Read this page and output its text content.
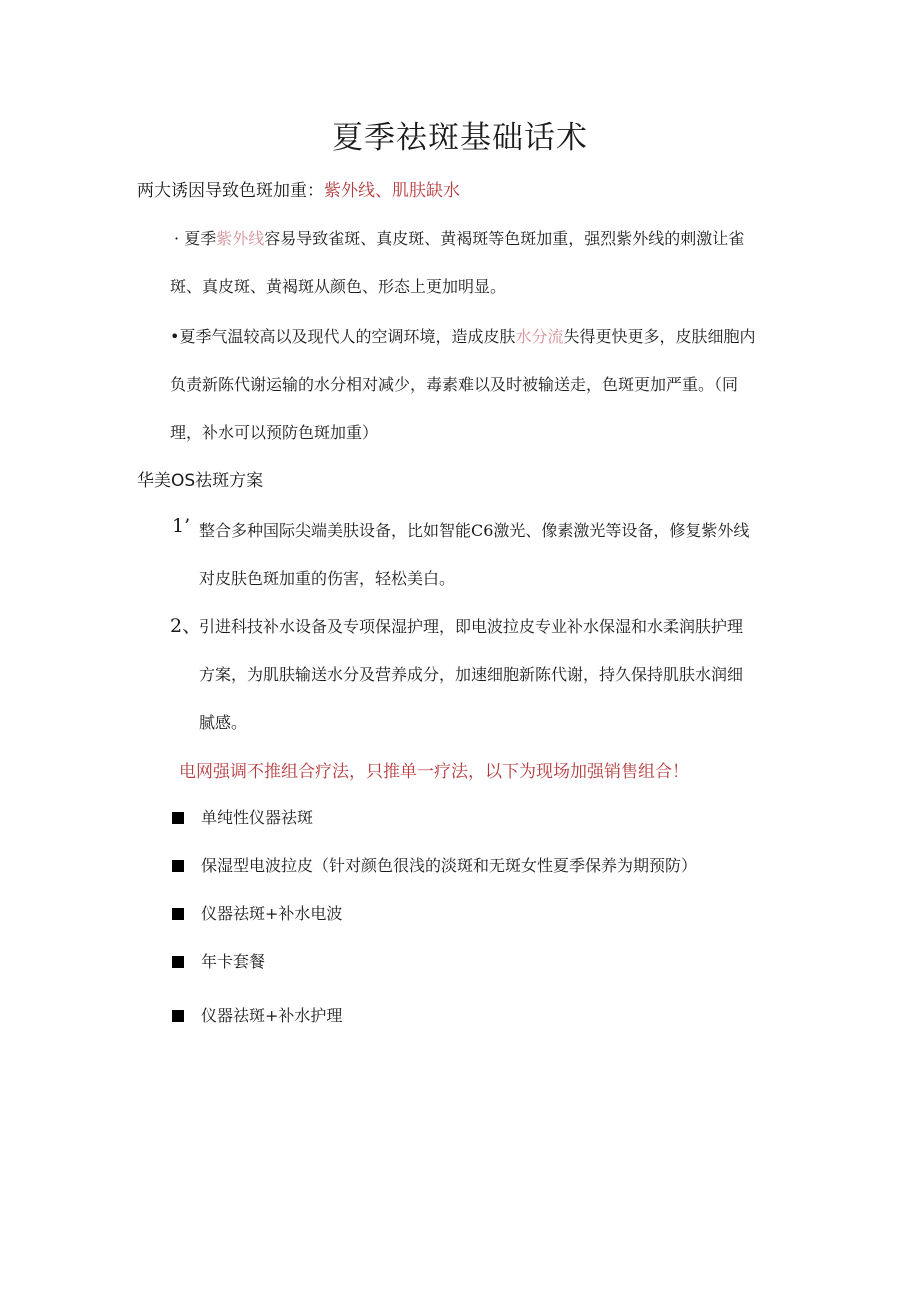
夏季祛斑基础话术
两大诱因导致色斑加重：紫外线、肌肤缺水
· 夏季紫外线容易导致雀斑、真皮斑、黄褐斑等色斑加重，强烈紫外线的刺激让雀
斑、真皮斑、黄褐斑从颜色、形态上更加明显。
•夏季气温较高以及现代人的空调环境，造成皮肤水分流失得更快更多，皮肤细胞内
负责新陈代谢运输的水分相对减少，毒素难以及时被输送走，色斑更加严重。（同
理，补水可以预防色斑加重）
华美OS祛斑方案
1’ 整合多种国际尖端美肤设备，比如智能C6激光、像素激光等设备，修复紫外线
对皮肤色斑加重的伤害，轻松美白。
2、
引进科技补水设备及专项保湿护理，即电波拉皮专业补水保湿和水柔润肤护理
方案，为肌肤输送水分及营养成分，加速细胞新陈代谢，持久保持肌肤水润细
腻感。
电网强调不推组合疗法，只推单一疗法，以下为现场加强销售组合！
单纯性仪器祛斑
保湿型电波拉皮（针对颜色很浅的淡斑和无斑女性夏季保养为期预防）
仪器祛斑+补水电波
年卡套餐
仪器祛斑+补水护理
